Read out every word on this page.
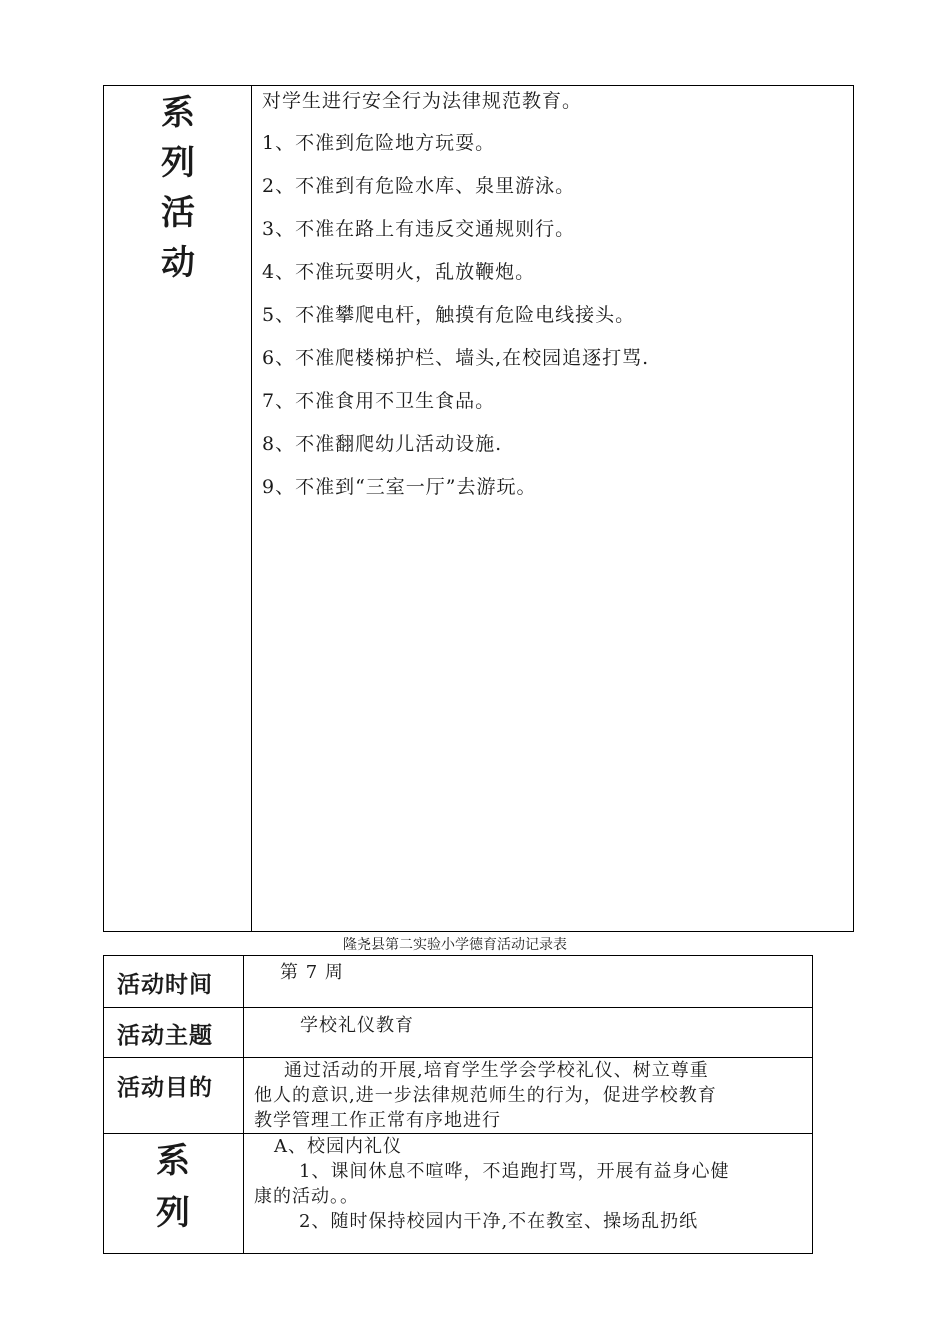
系
列
活
动
对学生进行安全行为法律规范教育。
1、不准到危险地方玩耍。
2、不准到有危险水库、泉里游泳。
3、不准在路上有违反交通规则行。
4、不准玩耍明火，乱放鞭炮。
5、不准攀爬电杆，触摸有危险电线接头。
6、不准爬楼梯护栏、墙头,在校园追逐打骂.
7、不准食用不卫生食品。
8、不准翻爬幼儿活动设施.
9、不准到“三室一厅”去游玩。
隆尧县第二实验小学德育活动记录表
活动时间	第 7 周
活动主题	学校礼仪教育
活动目的
通过活动的开展,培育学生学会学校礼仪、树立尊重
他人的意识,进一步法律规范师生的行为，促进学校教育
教学管理工作正常有序地进行
系
列
A、校园内礼仪
1、课间休息不喧哗，不追跑打骂，开展有益身心健
康的活动。。
2、随时保持校园内干净,不在教室、操场乱扔纸
